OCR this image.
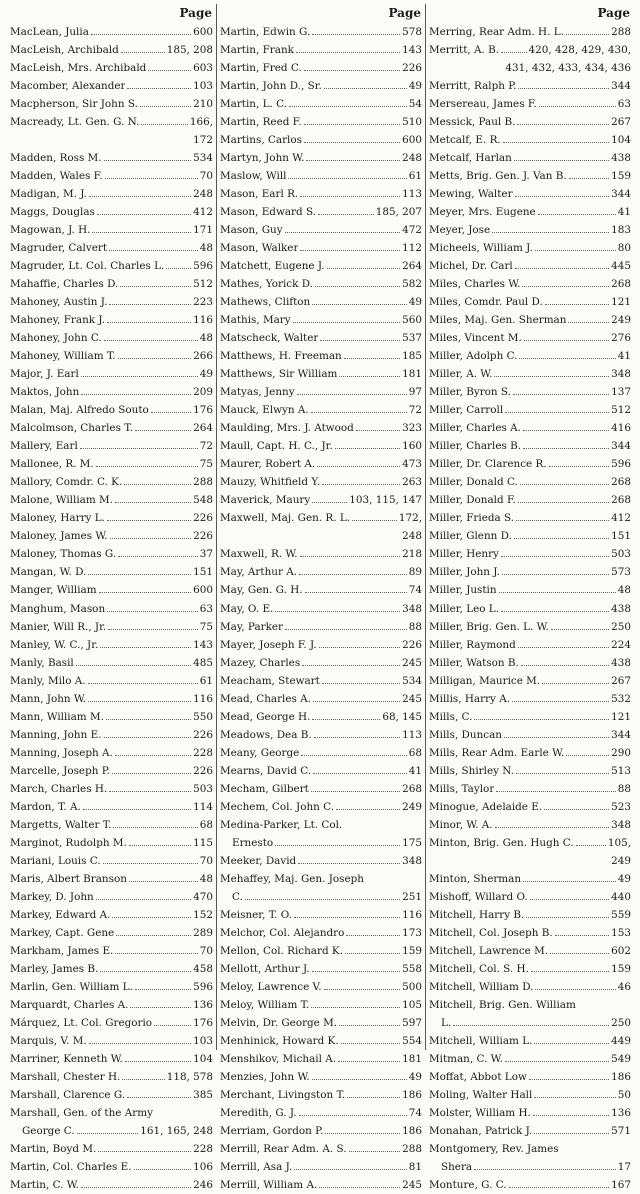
Page
MacLean, Julia	600
MacLeish, Archibald	185, 208
MacLeish, Mrs. Archibald	603
Macomber, Alexander	103
Macpherson, Sir John S.	210
Macready, Lt. Gen. G. N.	166,
172
Madden, Ross M.	534
Madden, Wales F.	70
Madigan, M. J.	248
Maggs, Douglas	412
Magowan, J. H.	171
Magruder, Calvert	48
Magruder, Lt. Col. Charles L.	596
Mahaffie, Charles D.	512
Mahoney, Austin J.	223
Mahoney, Frank J.	116
Mahoney, John C.	48
Mahoney, William T.	266
Major, J. Earl	49
Maktos, John	209
Malan, Maj. Alfredo Souto	176
Malcolmson, Charles T.	264
Mallery, Earl	72
Mallonee, R. M.	75
Mallory, Comdr. C. K.	288
Malone, William M.	548
Maloney, Harry L.	226
Maloney, James W.	226
Maloney, Thomas G.	37
Mangan, W. D.	151
Manger, William	600
Manghum, Mason	63
Manier, Will R., Jr.	75
Manley, W. C., Jr.	143
Manly, Basil	485
Manly, Milo A.	61
Mann, John W.	116
Mann, William M.	550
Manning, John E.	226
Manning, Joseph A.	228
Marcelle, Joseph P.	226
March, Charles H.	503
Mardon, T. A.	114
Margetts, Walter T.	68
Marginot, Rudolph M.	115
Mariani, Louis C.	70
Maris, Albert Branson	48
Markey, D. John	470
Markey, Edward A.	152
Markey, Capt. Gene	289
Markham, James E.	70
Marley, James B.	458
Marlin, Gen. William L.	596
Marquardt, Charles A.	136
Márquez, Lt. Col. Gregorio	176
Marquis, V. M.	103
Marriner, Kenneth W.	104
Marshall, Chester H.	118, 578
Marshall, Clarence G.	385
Marshall, Gen. of the Army
George C.	161, 165, 248
Martin, Boyd M.	228
Martin, Col. Charles E.	106
Martin, C. W.	246
Page
Martin, Edwin G.	578
Martin, Frank	143
Martin, Fred C.	226
Martin, John D., Sr.	49
Martin, L. C.	54
Martin, Reed F.	510
Martins, Carlos	600
Martyn, John W.	248
Maslow, Will	61
Mason, Earl R.	113
Mason, Edward S.	185, 207
Mason, Guy	472
Mason, Walker	112
Matchett, Eugene J.	264
Mathes, Yorick D.	582
Mathews, Clifton	49
Mathis, Mary	560
Matscheck, Walter	537
Matthews, H. Freeman	185
Matthews, Sir William	181
Matyas, Jenny	97
Mauck, Elwyn A.	72
Maulding, Mrs. J. Atwood	323
Maull, Capt. H. C., Jr.	160
Maurer, Robert A.	473
Mauzy, Whitfield Y.	263
Maverick, Maury	103, 115, 147
Maxwell, Maj. Gen. R. L.	172,
248
Maxwell, R. W.	218
May, Arthur A.	89
May, Gen. G. H.	74
May, O. E.	348
May, Parker	88
Mayer, Joseph F. J.	226
Mazey, Charles	245
Meacham, Stewart	534
Mead, Charles A.	245
Mead, George H.	68, 145
Meadows, Dea B.	113
Meany, George	68
Mearns, David C.	41
Mecham, Gilbert	268
Mechem, Col. John C.	249
Medina-Parker, Lt. Col.
Ernesto	175
Meeker, David	348
Mehaffey, Maj. Gen. Joseph
C.	251
Meisner, T. O.	116
Melchor, Col. Alejandro	173
Mellon, Col. Richard K.	159
Mellott, Arthur J.	558
Meloy, Lawrence V.	500
Meloy, William T.	105
Melvin, Dr. George M.	597
Menhinick, Howard K.	554
Menshikov, Michail A.	181
Menzies, John W.	49
Merchant, Livingston T.	186
Meredith, G. J.	74
Merriam, Gordon P.	186
Merrill, Rear Adm. A. S.	288
Merrill, Asa J.	81
Merrill, William A.	245
Page
Merring, Rear Adm. H. L.	288
Merritt, A. B.	420, 428, 429, 430,
431, 432, 433, 434, 436
Merritt, Ralph P.	344
Mersereau, James F.	63
Messick, Paul B.	267
Metcalf, E. R.	104
Metcalf, Harlan	438
Metts, Brig. Gen. J. Van B.	159
Mewing, Walter	344
Meyer, Mrs. Eugene	41
Meyer, Jose	183
Micheels, William J.	80
Michel, Dr. Carl	445
Miles, Charles W.	268
Miles, Comdr. Paul D.	121
Miles, Maj. Gen. Sherman	249
Miles, Vincent M.	276
Miller, Adolph C.	41
Miller, A. W.	348
Miller, Byron S.	137
Miller, Carroll	512
Miller, Charles A.	416
Miller, Charles B.	344
Miller, Dr. Clarence R.	596
Miller, Donald C.	268
Miller, Donald F.	268
Miller, Frieda S.	412
Miller, Glenn D.	151
Miller, Henry	503
Miller, John J.	573
Miller, Justin	48
Miller, Leo L.	438
Miller, Brig. Gen. L. W.	250
Miller, Raymond	224
Miller, Watson B.	438
Milligan, Maurice M.	267
Millis, Harry A.	532
Mills, C.	121
Mills, Duncan	344
Mills, Rear Adm. Earle W.	290
Mills, Shirley N.	513
Mills, Taylor	88
Minogue, Adelaide E.	523
Minor, W. A.	348
Minton, Brig. Gen. Hugh C.	105,
249
Minton, Sherman	49
Mishoff, Willard O.	440
Mitchell, Harry B.	559
Mitchell, Col. Joseph B.	153
Mitchell, Lawrence M.	602
Mitchell, Col. S. H.	159
Mitchell, William D.	46
Mitchell, Brig. Gen. William
L.	250
Mitchell, William L.	449
Mitman, C. W.	549
Moffat, Abbot Low	186
Moling, Walter Hall	50
Molster, William H.	136
Monahan, Patrick J.	571
Montgomery, Rev. James
Shera	17
Monture, G. C.	167
